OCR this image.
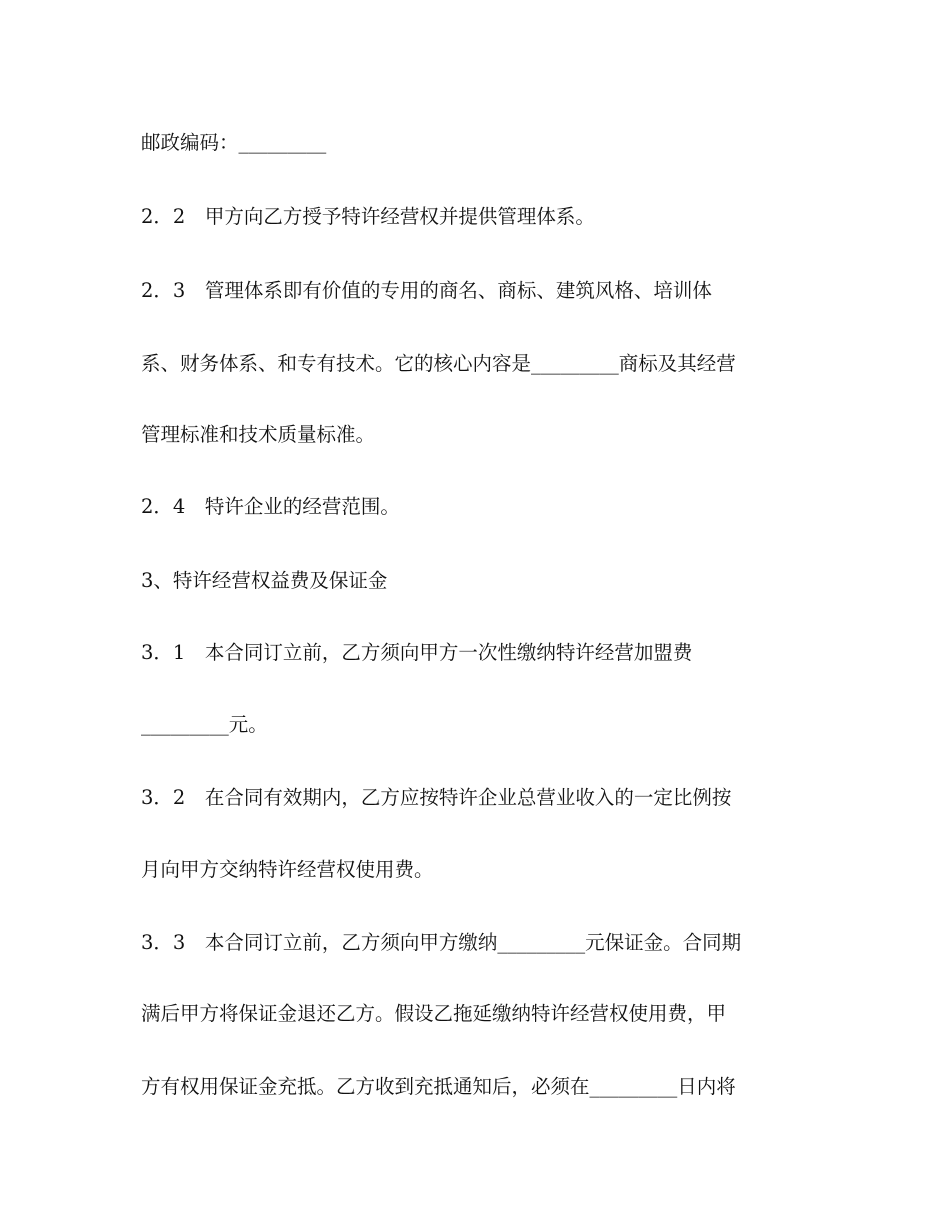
邮政编码：_________
2．2　甲方向乙方授予特许经营权并提供管理体系。
2．3　管理体系即有价值的专用的商名、商标、建筑风格、培训体
系、财务体系、和专有技术。它的核心内容是_________商标及其经营
管理标准和技术质量标准。
2．4　特许企业的经营范围。
3、特许经营权益费及保证金
3．1　本合同订立前，乙方须向甲方一次性缴纳特许经营加盟费
_________元。
3．2　在合同有效期内，乙方应按特许企业总营业收入的一定比例按
月向甲方交纳特许经营权使用费。
3．3　本合同订立前，乙方须向甲方缴纳_________元保证金。合同期
满后甲方将保证金退还乙方。假设乙拖延缴纳特许经营权使用费，甲
方有权用保证金充抵。乙方收到充抵通知后，必须在_________日内将
